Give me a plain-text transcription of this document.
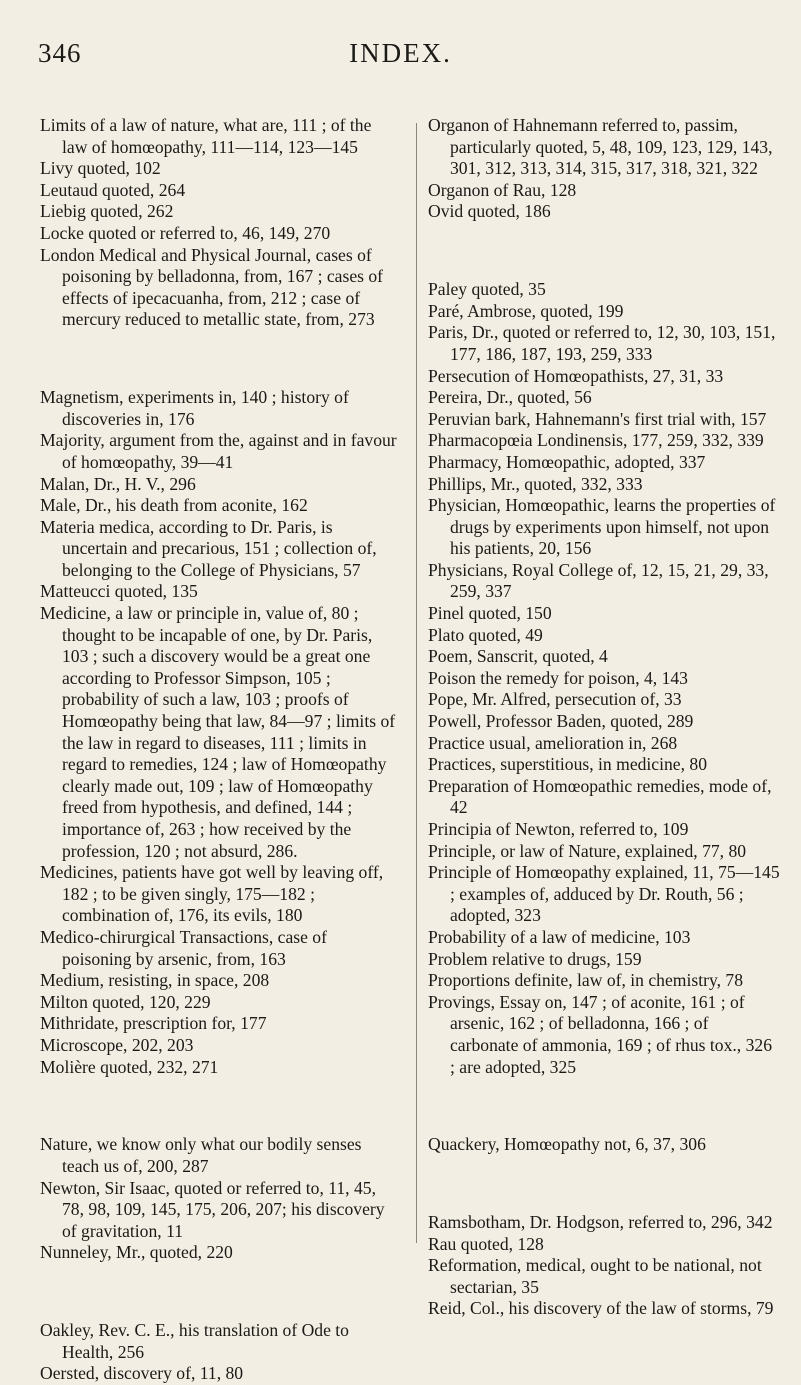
346	INDEX.

Limits of a law of nature, what are, 111 ; of the law of homœopathy, 111—114, 123—145

Livy quoted, 102

Leutaud quoted, 264

Liebig quoted, 262

Locke quoted or referred to, 46, 149, 270

London Medical and Physical Journal, cases of poisoning by belladonna, from, 167 ; cases of effects of ipecacuanha, from, 212 ; case of mercury reduced to metallic state, from, 273

Magnetism, experiments in, 140 ; history of discoveries in, 176

Majority, argument from the, against and in favour of homœopathy, 39—41

Malan, Dr., H. V., 296

Male, Dr., his death from aconite, 162

Materia medica, according to Dr. Paris, is uncertain and precarious, 151 ; collection of, belonging to the College of Physicians, 57

Matteucci quoted, 135

Medicine, a law or principle in, value of, 80 ; thought to be incapable of one, by Dr. Paris, 103 ; such a discovery would be a great one according to Professor Simpson, 105 ; probability of such a law, 103 ; proofs of Homœopathy being that law, 84—97 ; limits of the law in regard to diseases, 111 ; limits in regard to remedies, 124 ; law of Homœopathy clearly made out, 109 ; law of Homœopathy freed from hypothesis, and defined, 144 ; importance of, 263 ; how received by the profession, 120 ; not absurd, 286.

Medicines, patients have got well by leaving off, 182 ; to be given singly, 175—182 ; combination of, 176, its evils, 180

Medico-chirurgical Transactions, case of poisoning by arsenic, from, 163

Medium, resisting, in space, 208

Milton quoted, 120, 229

Mithridate, prescription for, 177

Microscope, 202, 203

Molière quoted, 232, 271

Nature, we know only what our bodily senses teach us of, 200, 287

Newton, Sir Isaac, quoted or referred to, 11, 45, 78, 98, 109, 145, 175, 206, 207; his discovery of gravitation, 11

Nunneley, Mr., quoted, 220

Oakley, Rev. C. E., his translation of Ode to Health, 256

Oersted, discovery of, 11, 80

Organon of Hahnemann referred to, passim, particularly quoted, 5, 48, 109, 123, 129, 143, 301, 312, 313, 314, 315, 317, 318, 321, 322

Organon of Rau, 128

Ovid quoted, 186

Paley quoted, 35

Paré, Ambrose, quoted, 199

Paris, Dr., quoted or referred to, 12, 30, 103, 151, 177, 186, 187, 193, 259, 333

Persecution of Homœopathists, 27, 31, 33

Pereira, Dr., quoted, 56

Peruvian bark, Hahnemann's first trial with, 157

Pharmacopœia Londinensis, 177, 259, 332, 339

Pharmacy, Homœopathic, adopted, 337

Phillips, Mr., quoted, 332, 333

Physician, Homœopathic, learns the properties of drugs by experiments upon himself, not upon his patients, 20, 156

Physicians, Royal College of, 12, 15, 21, 29, 33, 259, 337

Pinel quoted, 150

Plato quoted, 49

Poem, Sanscrit, quoted, 4

Poison the remedy for poison, 4, 143

Pope, Mr. Alfred, persecution of, 33

Powell, Professor Baden, quoted, 289

Practice usual, amelioration in, 268

Practices, superstitious, in medicine, 80

Preparation of Homœopathic remedies, mode of, 42

Principia of Newton, referred to, 109

Principle, or law of Nature, explained, 77, 80

Principle of Homœopathy explained, 11, 75—145 ; examples of, adduced by Dr. Routh, 56 ; adopted, 323

Probability of a law of medicine, 103

Problem relative to drugs, 159

Proportions definite, law of, in chemistry, 78

Provings, Essay on, 147 ; of aconite, 161 ; of arsenic, 162 ; of belladonna, 166 ; of carbonate of ammonia, 169 ; of rhus tox., 326 ; are adopted, 325

Quackery, Homœopathy not, 6, 37, 306

Ramsbotham, Dr. Hodgson, referred to, 296, 342

Rau quoted, 128

Reformation, medical, ought to be national, not sectarian, 35

Reid, Col., his discovery of the law of storms, 79
